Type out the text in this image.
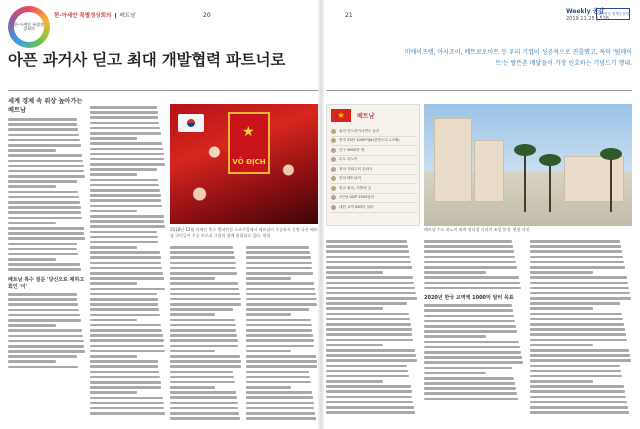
한-아세안 특별정상회의
한-아세안 특별정상회의 ❙ 베트남	20	21
Weekly 공감
2019.11.25 | 526
대한민국 정책주간지
아픈 과거사 딛고 최대 개발협력 파트너로	미에이즈템, 아시조이, 메트로오아트 등 우리 기업이 성공적으로 진출했고, 특히 '팀메이트'는 쌀뜬촌 메달들이 가장 인호하는 기념드기 행내.
세계 경제 속 위상 높아가는 베트남
베트남 특수 질문 '당신오로 제하고 회인 '이'
★
VÔ ĐỊCH
2018년 12월 아세안 축구 챔피언십 스즈키컵에서 베트남이 우승하자 응원 나온 베트남 국민들이 우승 트로피 그림과 함께 열광하고 있다. 연합
★	베트남
위치 인도차이나반도 동부
면적 33만 1000여㎢(한반도의 1.5배)
인구 9600만 명
수도 하노이
정치 사회주의 공화국
언어 베트남어
종교 불교, 가톨릭 등
1인당 GDP 2500달러
대한 교역 683억 달러
베트남 수도 하노이 외곽 광다경 거리의 조성 풍경. 연합 사진
2020년 한국 교역액 1000억 달러 목표
